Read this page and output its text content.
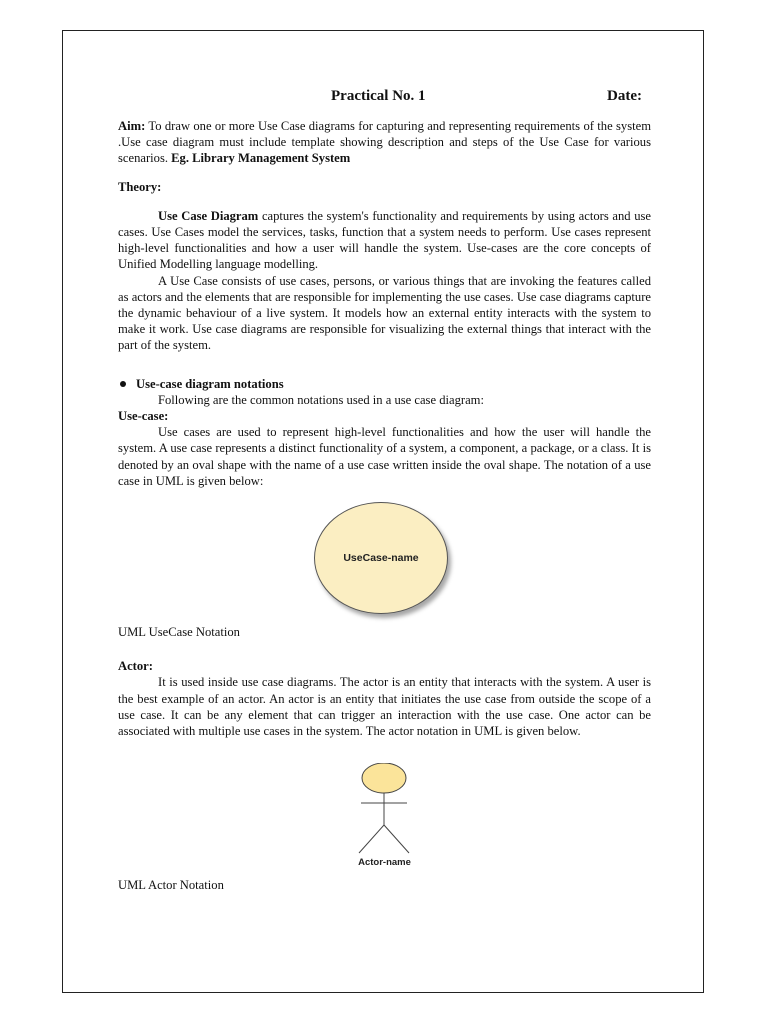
Practical No. 1	Date:

Aim: To draw one or more Use Case diagrams for capturing and representing requirements of the system .Use case diagram must include template showing description and steps of the Use Case for various scenarios. Eg. Library Management System

Theory:

Use Case Diagram captures the system's functionality and requirements by using actors and use cases. Use Cases model the services, tasks, function that a system needs to perform. Use cases represent high-level functionalities and how a user will handle the system. Use-cases are the core concepts of Unified Modelling language modelling.

A Use Case consists of use cases, persons, or various things that are invoking the features called as actors and the elements that are responsible for implementing the use cases. Use case diagrams capture the dynamic behaviour of a live system. It models how an external entity interacts with the system to make it work. Use case diagrams are responsible for visualizing the external things that interact with the part of the system.

Use-case diagram notations

Following are the common notations used in a use case diagram:

Use-case:

Use cases are used to represent high-level functionalities and how the user will handle the system. A use case represents a distinct functionality of a system, a component, a package, or a class. It is denoted by an oval shape with the name of a use case written inside the oval shape. The notation of a use case in UML is given below:

UseCase-name

UML UseCase Notation

Actor:

It is used inside use case diagrams. The actor is an entity that interacts with the system. A user is the best example of an actor. An actor is an entity that initiates the use case from outside the scope of a use case. It can be any element that can trigger an interaction with the use case. One actor can be associated with multiple use cases in the system. The actor notation in UML is given below.

Actor-name

UML Actor Notation
